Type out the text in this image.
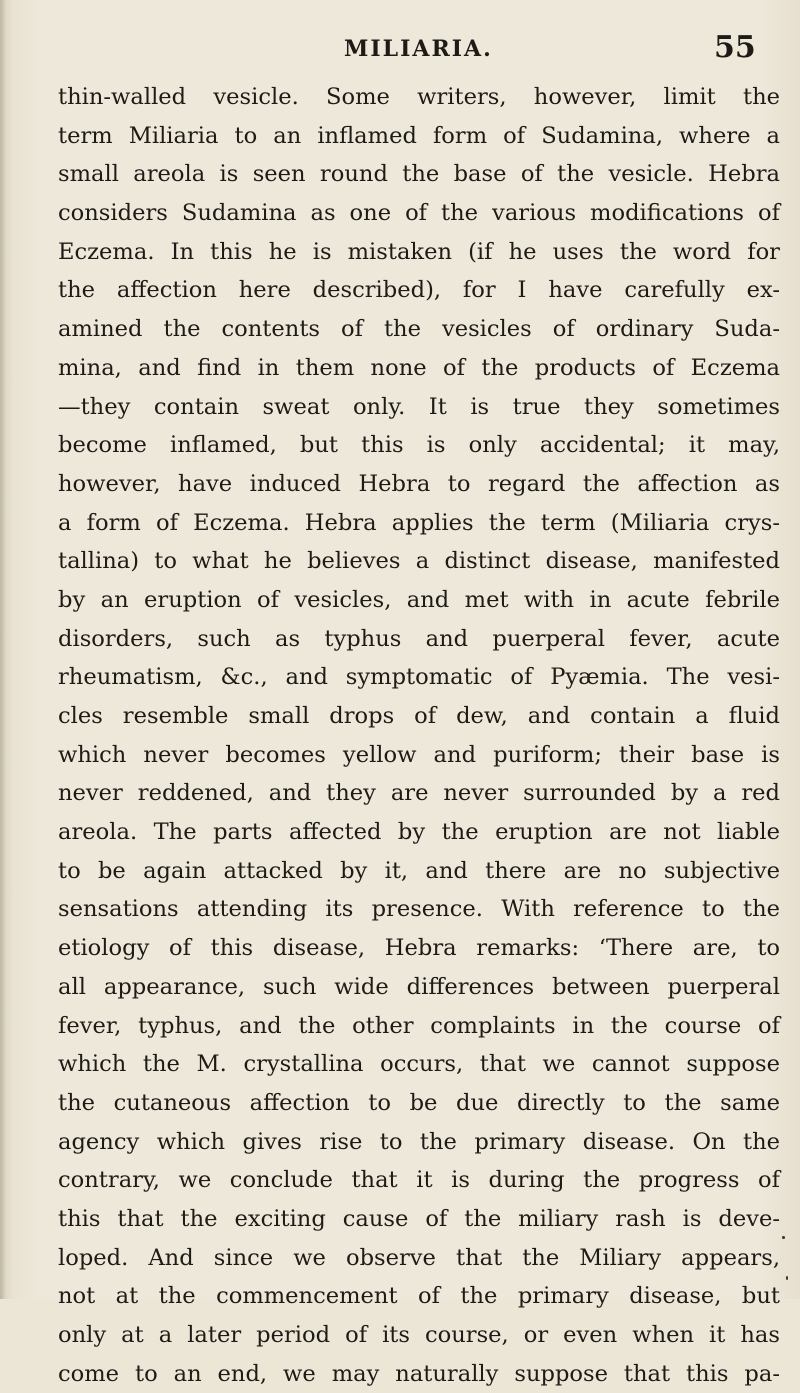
MILIARIA.	55
thin-walled vesicle. Some writers, however, limit the
term Miliaria to an inflamed form of Sudamina, where a
small areola is seen round the base of the vesicle. Hebra
considers Sudamina as one of the various modifications of
Eczema. In this he is mistaken (if he uses the word for
the affection here described), for I have carefully ex-
amined the contents of the vesicles of ordinary Suda-
mina, and find in them none of the products of Eczema
—they contain sweat only. It is true they sometimes
become inflamed, but this is only accidental; it may,
however, have induced Hebra to regard the affection as
a form of Eczema. Hebra applies the term (Miliaria crys-
tallina) to what he believes a distinct disease, manifested
by an eruption of vesicles, and met with in acute febrile
disorders, such as typhus and puerperal fever, acute
rheumatism, &c., and symptomatic of Pyæmia. The vesi-
cles resemble small drops of dew, and contain a fluid
which never becomes yellow and puriform; their base is
never reddened, and they are never surrounded by a red
areola. The parts affected by the eruption are not liable
to be again attacked by it, and there are no subjective
sensations attending its presence. With reference to the
etiology of this disease, Hebra remarks: ‘There are, to
all appearance, such wide differences between puerperal
fever, typhus, and the other complaints in the course of
which the M. crystallina occurs, that we cannot suppose
the cutaneous affection to be due directly to the same
agency which gives rise to the primary disease. On the
contrary, we conclude that it is during the progress of
this that the exciting cause of the miliary rash is deve-
loped. And since we observe that the Miliary appears,
not at the commencement of the primary disease, but
only at a later period of its course, or even when it has
come to an end, we may naturally suppose that this pa-
